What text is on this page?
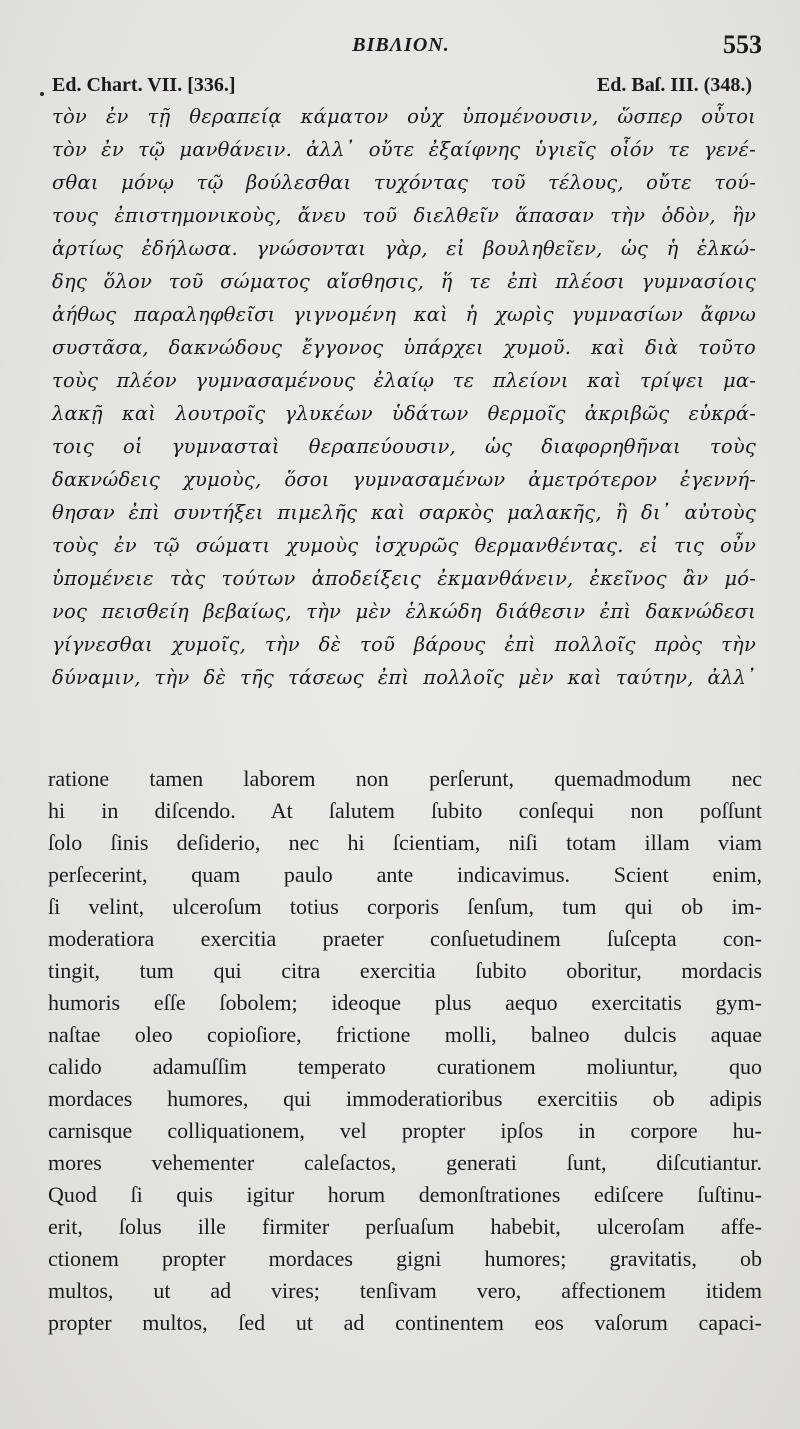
BIBΛΙΟΝ.	553
Ed. Chart. VII. [336.]	Ed. Baſ. III. (348.)
τὸν ἐν τῇ θεραπείᾳ κάματον οὐχ ὑπομένουσιν, ὥσπερ οὗτοι
τὸν ἐν τῷ μανθάνειν. ἀλλ᾽ οὔτε ἐξαίφνης ὑγιεῖς οἷόν τε γενέ-
σθαι μόνῳ τῷ βούλεσθαι τυχόντας τοῦ τέλους, οὔτε τού-
τους ἐπιστημονικοὺς, ἄνευ τοῦ διελθεῖν ἅπασαν τὴν ὁδὸν, ἣν
ἀρτίως ἐδήλωσα. γνώσονται γὰρ, εἰ βουληθεῖεν, ὡς ἡ ἑλκώ-
δης ὅλον τοῦ σώματος αἴσθησις, ἥ τε ἐπὶ πλέοσι γυμνασίοις
ἀήθως παραληφθεῖσι γιγνομένη καὶ ἡ χωρὶς γυμνασίων ἄφνω
συστᾶσα, δακνώδους ἔγγονος ὑπάρχει χυμοῦ. καὶ διὰ τοῦτο
τοὺς πλέον γυμνασαμένους ἐλαίῳ τε πλείονι καὶ τρίψει μα-
λακῇ καὶ λουτροῖς γλυκέων ὑδάτων θερμοῖς ἀκριβῶς εὐκρά-
τοις οἱ γυμνασταὶ θεραπεύουσιν, ὡς διαφορηθῆναι τοὺς
δακνώδεις χυμοὺς, ὅσοι γυμνασαμένων ἀμετρότερον ἐγεννή-
θησαν ἐπὶ συντήξει πιμελῆς καὶ σαρκὸς μαλακῆς, ἢ δι᾽ αὐτοὺς
τοὺς ἐν τῷ σώματι χυμοὺς ἰσχυρῶς θερμανθέντας. εἰ τις οὖν
ὑπομένειε τὰς τούτων ἀποδείξεις ἐκμανθάνειν, ἐκεῖνος ἂν μό-
νος πεισθείη βεβαίως, τὴν μὲν ἑλκώδη διάθεσιν ἐπὶ δακνώδεσι
γίγνεσθαι χυμοῖς, τὴν δὲ τοῦ βάρους ἐπὶ πολλοῖς πρὸς τὴν
δύναμιν, τὴν δὲ τῆς τάσεως ἐπὶ πολλοῖς μὲν καὶ ταύτην, ἀλλ᾽
ratione tamen laborem non perſerunt, quemadmodum nec
hi in diſcendo. At ſalutem ſubito conſequi non poſſunt
ſolo ſinis deſiderio, nec hi ſcientiam, niſi totam illam viam
perſecerint, quam paulo ante indicavimus. Scient enim,
ſi velint, ulceroſum totius corporis ſenſum, tum qui ob im-
moderatiora exercitia praeter conſuetudinem ſuſcepta con-
tingit, tum qui citra exercitia ſubito oboritur, mordacis
humoris eſſe ſobolem; ideoque plus aequo exercitatis gym-
naſtae oleo copioſiore, frictione molli, balneo dulcis aquae
calido adamuſſim temperato curationem moliuntur, quo
mordaces humores, qui immoderatioribus exercitiis ob adipis
carnisque colliquationem, vel propter ipſos in corpore hu-
mores vehementer caleſactos, generati ſunt, diſcutiantur.
Quod ſi quis igitur horum demonſtrationes ediſcere ſuſtinu-
erit, ſolus ille firmiter perſuaſum habebit, ulceroſam affe-
ctionem propter mordaces gigni humores; gravitatis, ob
multos, ut ad vires; tenſivam vero, affectionem itidem
propter multos, ſed ut ad continentem eos vaſorum capaci-
